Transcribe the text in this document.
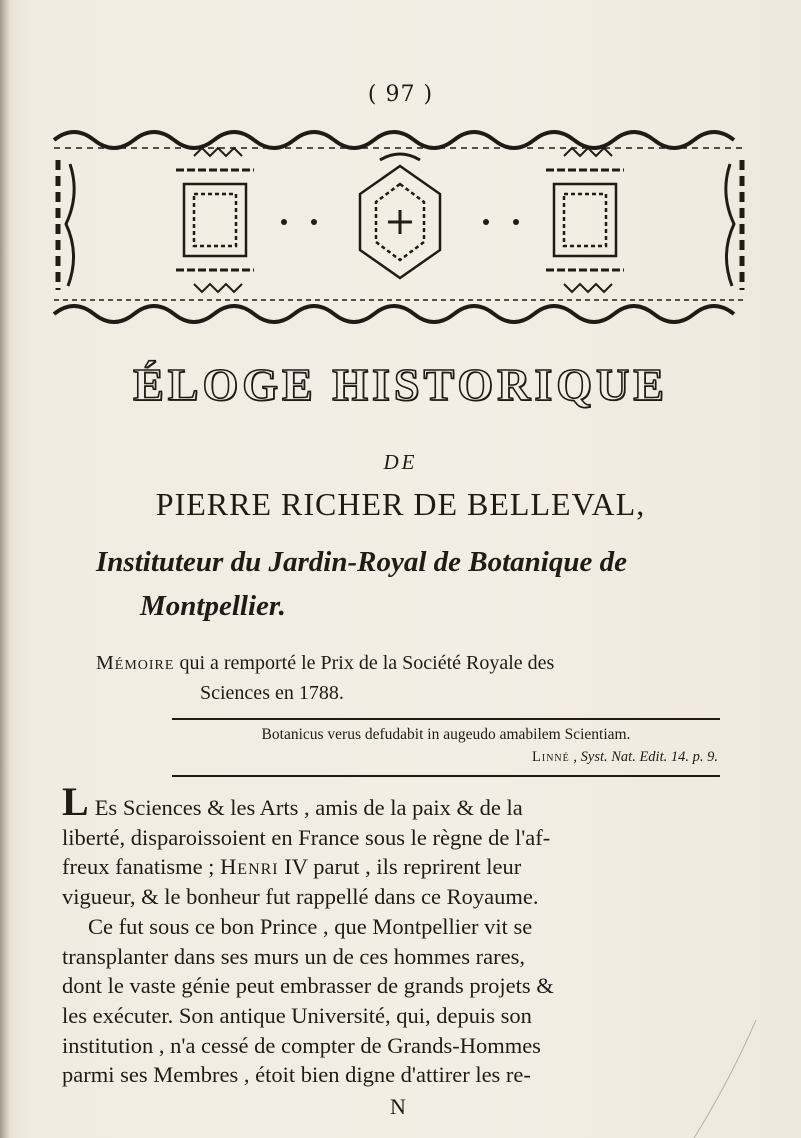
( 97 )
ÉLOGE HISTORIQUE
DE
PIERRE RICHER DE BELLEVAL,
Instituteur du Jardin-Royal de Botanique de
Montpellier.
Mémoire qui a remporté le Prix de la Société Royale des
Sciences en 1788.
Botanicus verus defudabit in augeudo amabilem Scientiam.
Linné , Syst. Nat. Edit. 14. p. 9.
L Es Sciences & les Arts , amis de la paix & de la
liberté, disparoissoient en France sous le règne de l'af-
freux fanatisme ; Henri IV parut , ils reprirent leur
vigueur, & le bonheur fut rappellé dans ce Royaume.
Ce fut sous ce bon Prince , que Montpellier vit se
transplanter dans ses murs un de ces hommes rares,
dont le vaste génie peut embrasser de grands projets &
les exécuter. Son antique Université, qui, depuis son
institution , n'a cessé de compter de Grands-Hommes
parmi ses Membres , étoit bien digne d'attirer les re-
N
